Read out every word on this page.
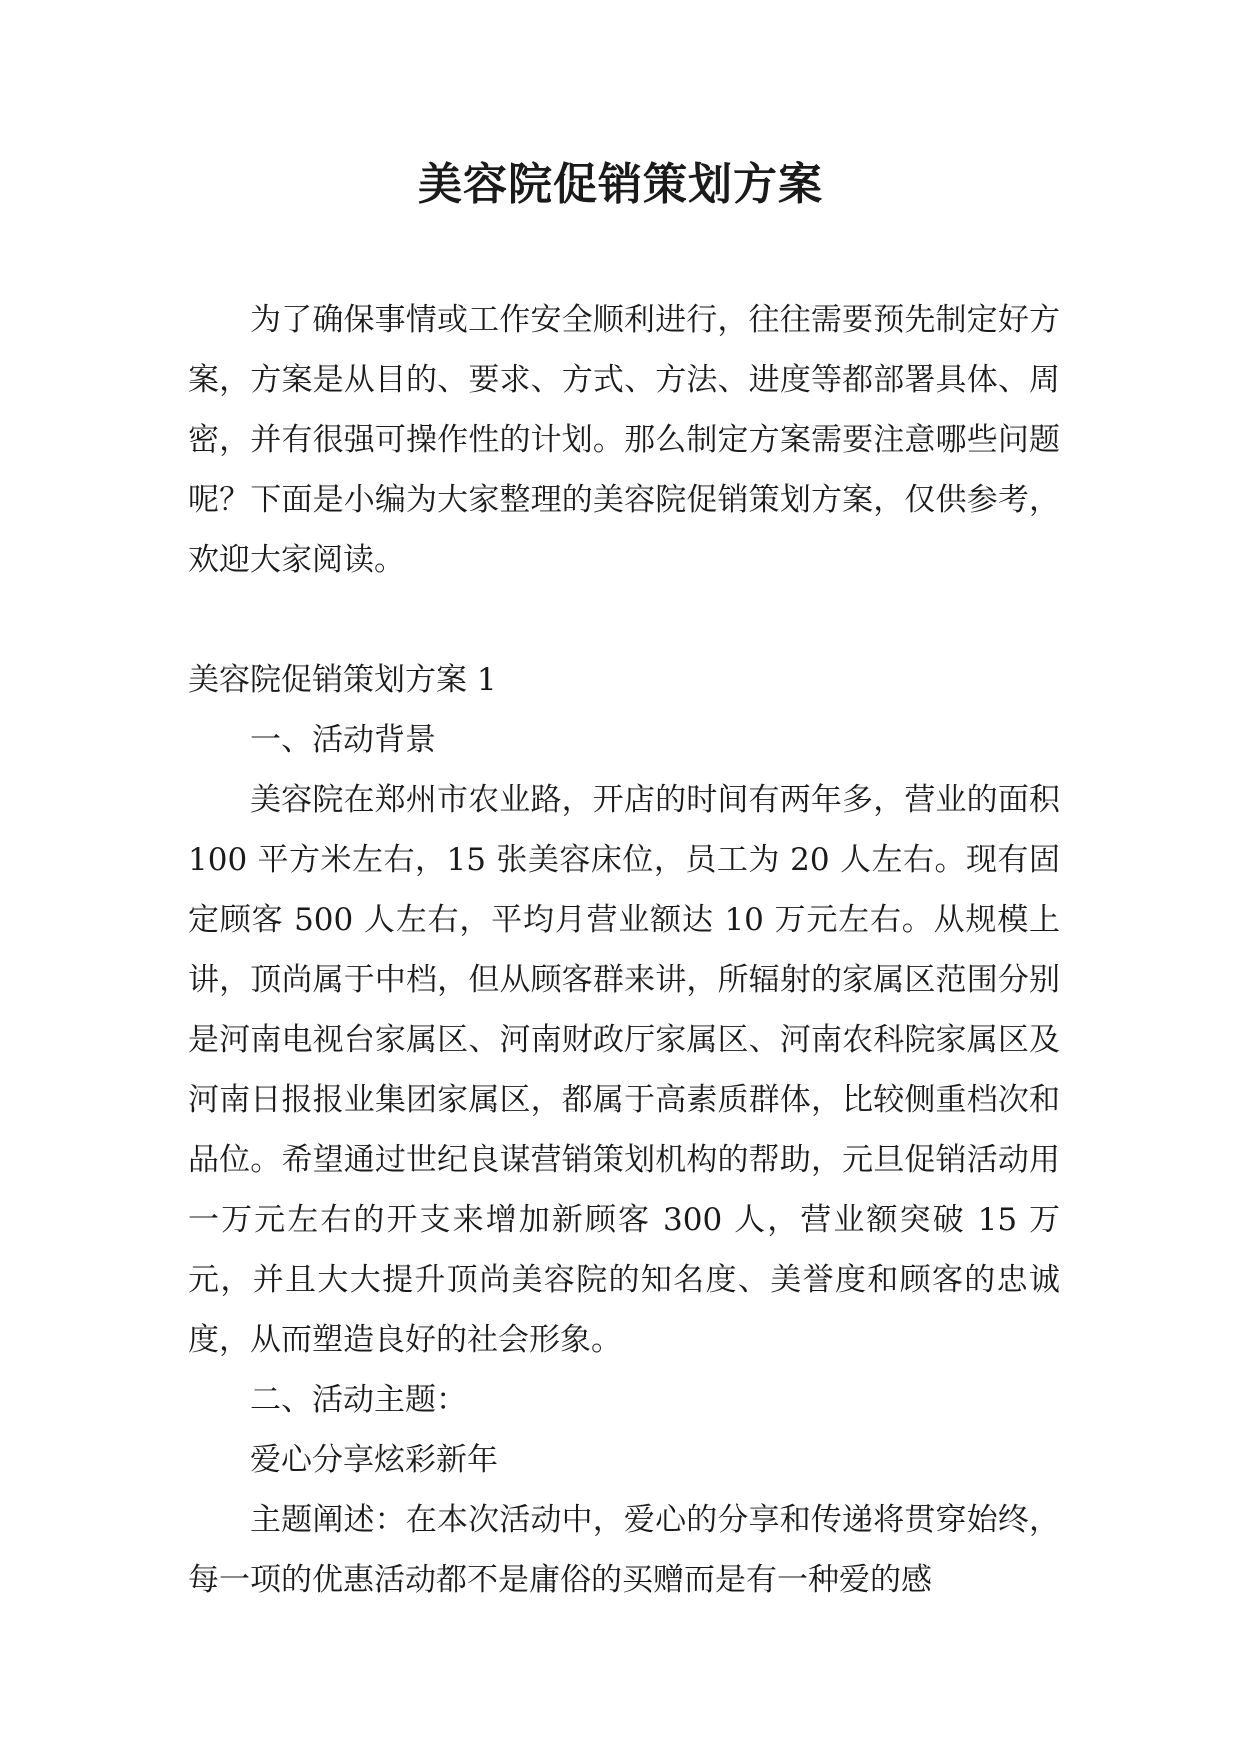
美容院促销策划方案

为了确保事情或工作安全顺利进行，往往需要预先制定好方案，方案是从目的、要求、方式、方法、进度等都部署具体、周密，并有很强可操作性的计划。那么制定方案需要注意哪些问题呢？下面是小编为大家整理的美容院促销策划方案，仅供参考，欢迎大家阅读。

美容院促销策划方案 1

一、活动背景

美容院在郑州市农业路，开店的时间有两年多，营业的面积 100 平方米左右，15 张美容床位，员工为 20 人左右。现有固定顾客 500 人左右，平均月营业额达 10 万元左右。从规模上讲，顶尚属于中档，但从顾客群来讲，所辐射的家属区范围分别是河南电视台家属区、河南财政厅家属区、河南农科院家属区及河南日报报业集团家属区，都属于高素质群体，比较侧重档次和品位。希望通过世纪良谋营销策划机构的帮助，元旦促销活动用一万元左右的开支来增加新顾客 300 人，营业额突破 15 万元，并且大大提升顶尚美容院的知名度、美誉度和顾客的忠诚度，从而塑造良好的社会形象。

二、活动主题：

爱心分享炫彩新年

主题阐述：在本次活动中，爱心的分享和传递将贯穿始终，每一项的优惠活动都不是庸俗的买赠而是有一种爱的感
